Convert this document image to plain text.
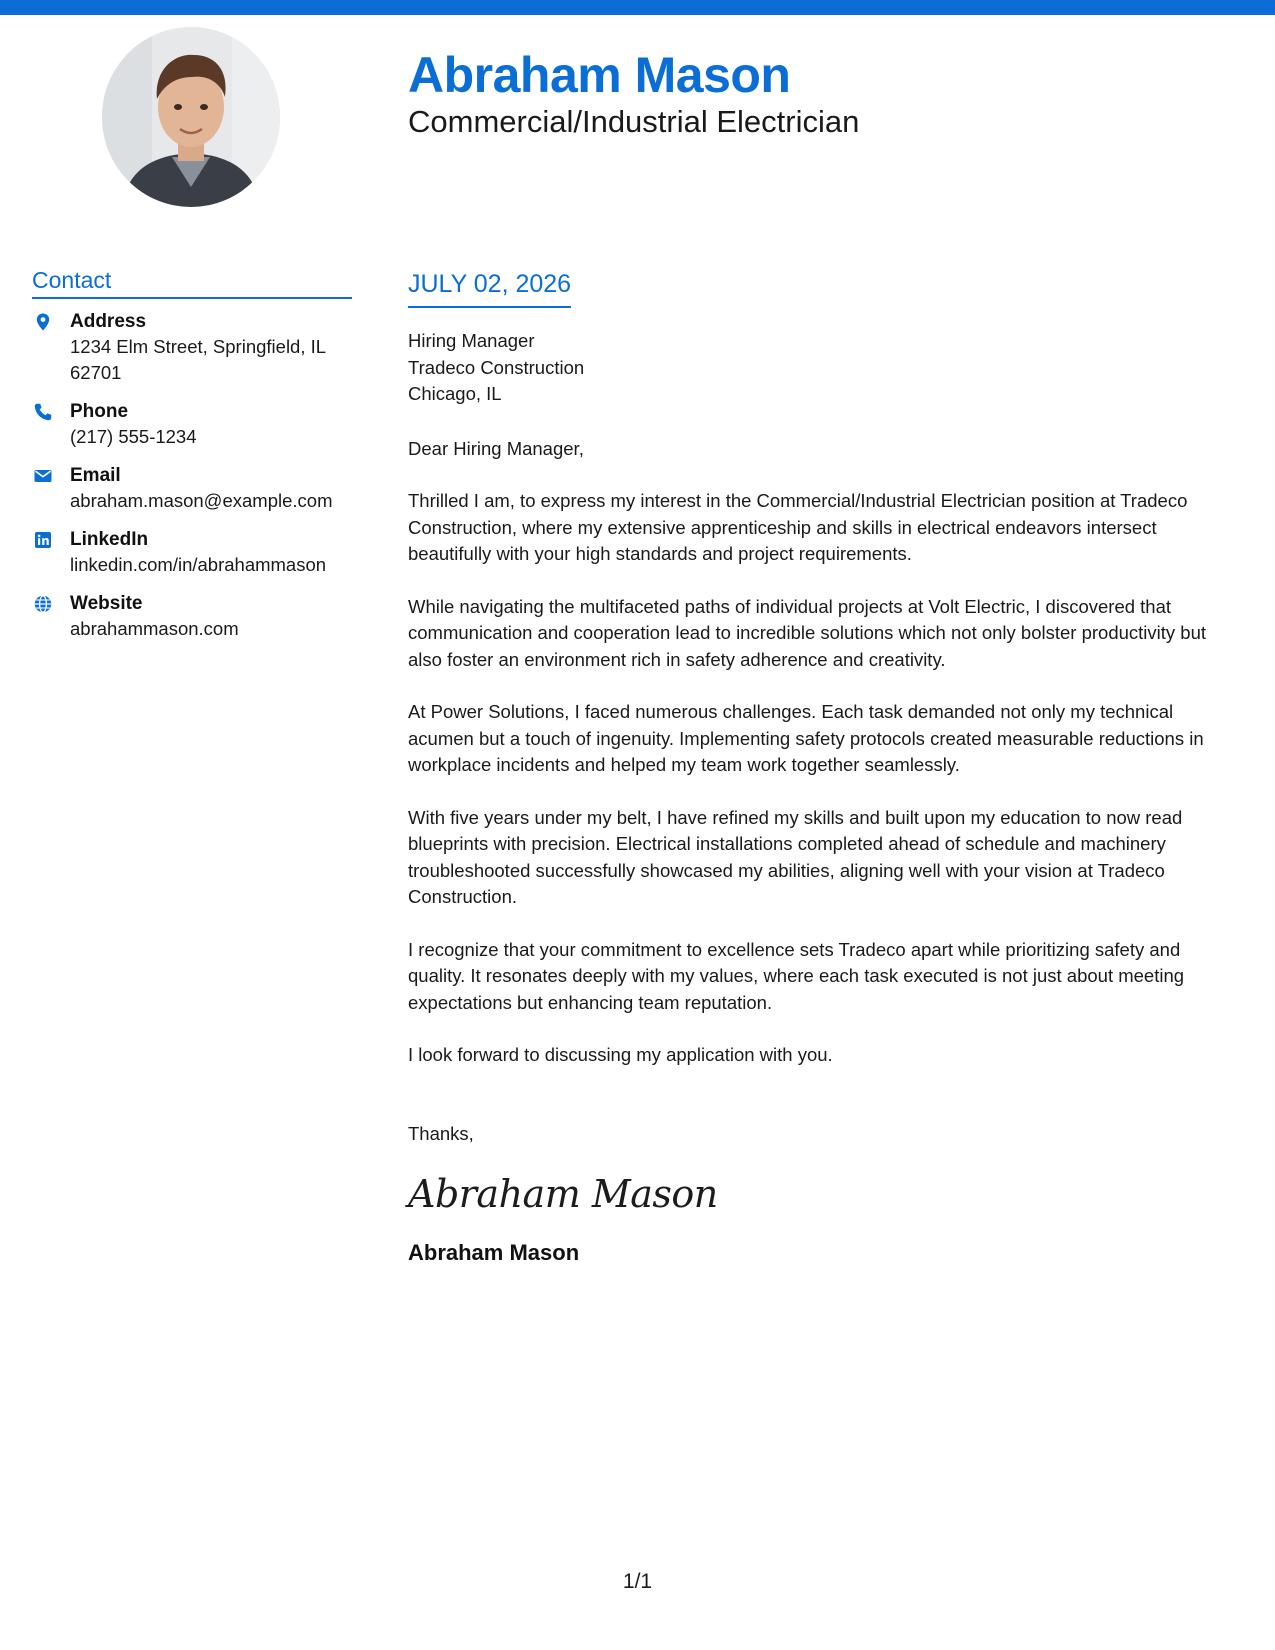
Abraham Mason
Commercial/Industrial Electrician
Contact
Address
1234 Elm Street, Springfield, IL 62701
Phone
(217) 555-1234
Email
abraham.mason@example.com
LinkedIn
linkedin.com/in/abrahammason
Website
abrahammason.com
JULY 02, 2026
Hiring Manager
Tradeco Construction
Chicago, IL
Dear Hiring Manager,

Thrilled I am, to express my interest in the Commercial/Industrial Electrician position at Tradeco Construction, where my extensive apprenticeship and skills in electrical endeavors intersect beautifully with your high standards and project requirements.

While navigating the multifaceted paths of individual projects at Volt Electric, I discovered that communication and cooperation lead to incredible solutions which not only bolster productivity but also foster an environment rich in safety adherence and creativity.

At Power Solutions, I faced numerous challenges. Each task demanded not only my technical acumen but a touch of ingenuity. Implementing safety protocols created measurable reductions in workplace incidents and helped my team work together seamlessly.

With five years under my belt, I have refined my skills and built upon my education to now read blueprints with precision. Electrical installations completed ahead of schedule and machinery troubleshooted successfully showcased my abilities, aligning well with your vision at Tradeco Construction.

I recognize that your commitment to excellence sets Tradeco apart while prioritizing safety and quality. It resonates deeply with my values, where each task executed is not just about meeting expectations but enhancing team reputation.

I look forward to discussing my application with you.

Thanks,
Abraham Mason
Abraham Mason
1/1
